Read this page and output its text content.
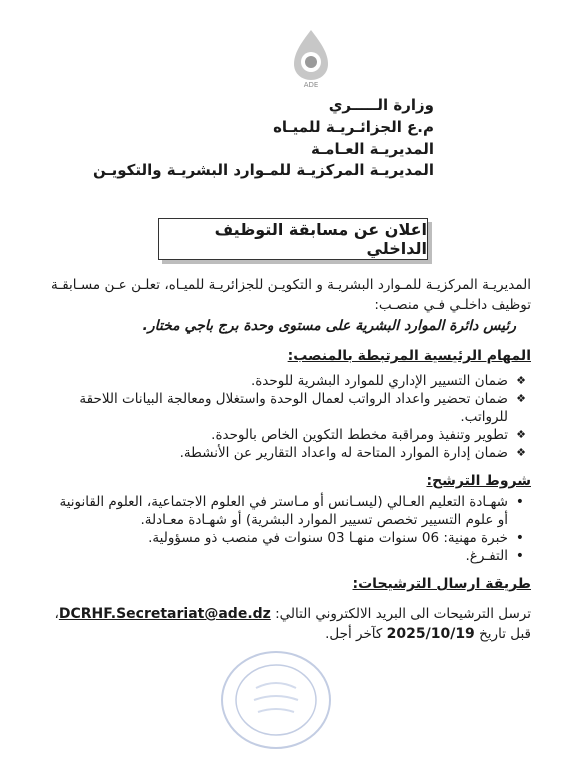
ADE
وزارة الـــــري
م.ع الجزائـريـة للميـاه
المديريـة العـامـة
المديريـة المركزيـة للمـوارد البشريـة والتكويـن
اعلان عن مسابقة التوظيف الداخلي
المديريـة المركزيـة للمـوارد البشريـة و التكويـن للجزائريـة للميـاه، تعلـن عـن مسـابقـة توظيف داخلـي فـي منصـب:
رئيس دائرة الموارد البشرية على مستوى وحدة برج باجي مختار.
المهام الرئيسية المرتبطة بالمنصب:
❖ ضمان التسيير الإداري للموارد البشرية للوحدة.
❖ ضمان تحضير واعداد الرواتب لعمال الوحدة واستغلال ومعالجة البيانات اللاحقة للرواتب.
❖ تطوير وتنفيذ ومراقبة مخطط التكوين الخاص بالوحدة.
❖ ضمان إدارة الموارد المتاحة له واعداد التقارير عن الأنشطة.
شروط الترشح:
• شهـادة التعليم العـالي (ليسـانس أو مـاستر في العلوم الاجتماعية، العلوم القانونية أو علوم التسيير تخصص تسيير الموارد البشرية) أو شهـادة معـادلة.
• خبرة مهنية: 06 سنوات منهـا 03 سنوات في منصب ذو مسؤولية.
• التفـرغ.
طريقة ارسال الترشيحات:
ترسل الترشيحات الى البريد الالكتروني التالي: DCRHF.Secretariat@ade.dz، قبل تاريخ 2025/10/19 كآخر أجل.
